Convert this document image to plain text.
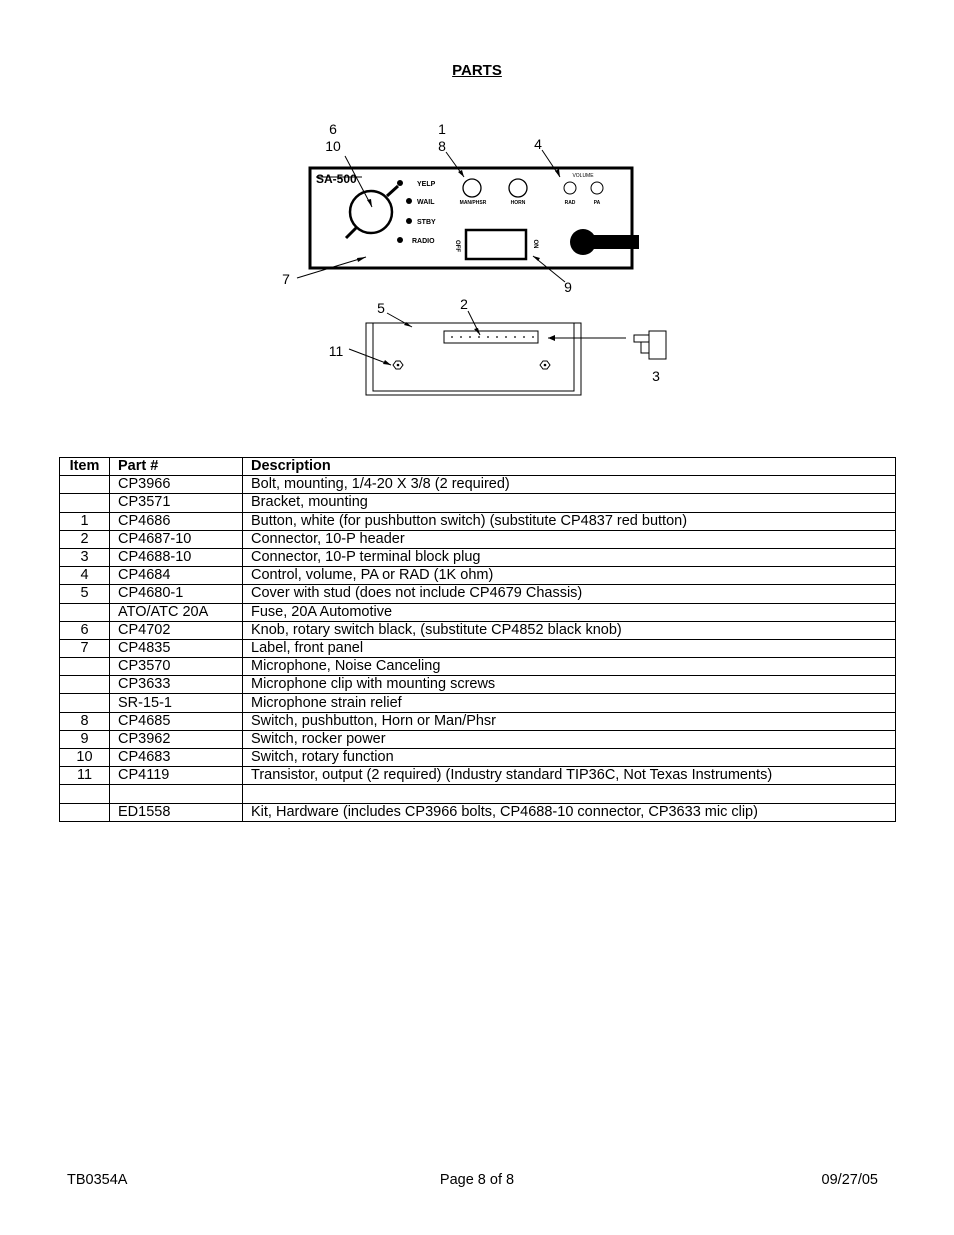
PARTS
SA-500	YELP
WAIL
STBY
RADIO
MAN/PHSR	HORN
VOLUME
RAD	PA
OFF	ON
6
10
1
8	4
7	9
5	2
11
3
Item	Part #	Description
	CP3966	Bolt, mounting, 1/4-20 X 3/8 (2 required)
	CP3571	Bracket, mounting
1	CP4686	Button, white (for pushbutton switch) (substitute CP4837 red button)
2	CP4687-10	Connector, 10-P header
3	CP4688-10	Connector, 10-P terminal block plug
4	CP4684	Control, volume, PA or RAD (1K ohm)
5	CP4680-1	Cover with stud (does not include CP4679 Chassis)
	ATO/ATC 20A	Fuse, 20A Automotive
6	CP4702	Knob, rotary switch black, (substitute CP4852 black knob)
7	CP4835	Label, front panel
	CP3570	Microphone, Noise Canceling
	CP3633	Microphone clip with mounting screws
	SR-15-1	Microphone strain relief
8	CP4685	Switch, pushbutton, Horn or Man/Phsr
9	CP3962	Switch, rocker power
10	CP4683	Switch, rotary function
11	CP4119	Transistor, output (2 required) (Industry standard TIP36C, Not Texas Instruments)

	ED1558	Kit, Hardware (includes CP3966 bolts, CP4688-10 connector, CP3633 mic clip)
TB0354A	Page 8 of 8	09/27/05
